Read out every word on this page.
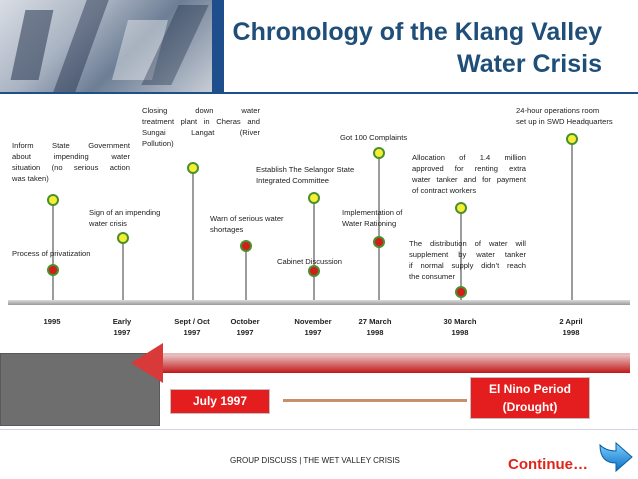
Chronology of the Klang Valley
Water Crisis
Process of privatization
Inform State Government
about impending water
situation (no serious action
was taken)
Sign of an impending
water crisis
Closing down water
treatment plant in Cheras and
Sungai Langat (River
Pollution)
Warn of serious water
shortages
Cabinet Discussion
Establish The Selangor State
Integrated Committee
Got 100 Complaints
Implementation of
Water Rationing
Allocation of 1.4 million
approved for renting extra
water tanker and for payment
of contract workers
The distribution of water will
supplement by water tanker
if normal supply didn’t reach
the consumer
24-hour operations room
set up in SWD Headquarters
1995	Early
1997
Sept / Oct
1997
October
1997
November
1997
27 March
1998
30 March
1998
2 April
1998
July 1997
El Nino Period
(Drought)
GROUP DISCUSS | THE WET VALLEY CRISIS	Continue…
